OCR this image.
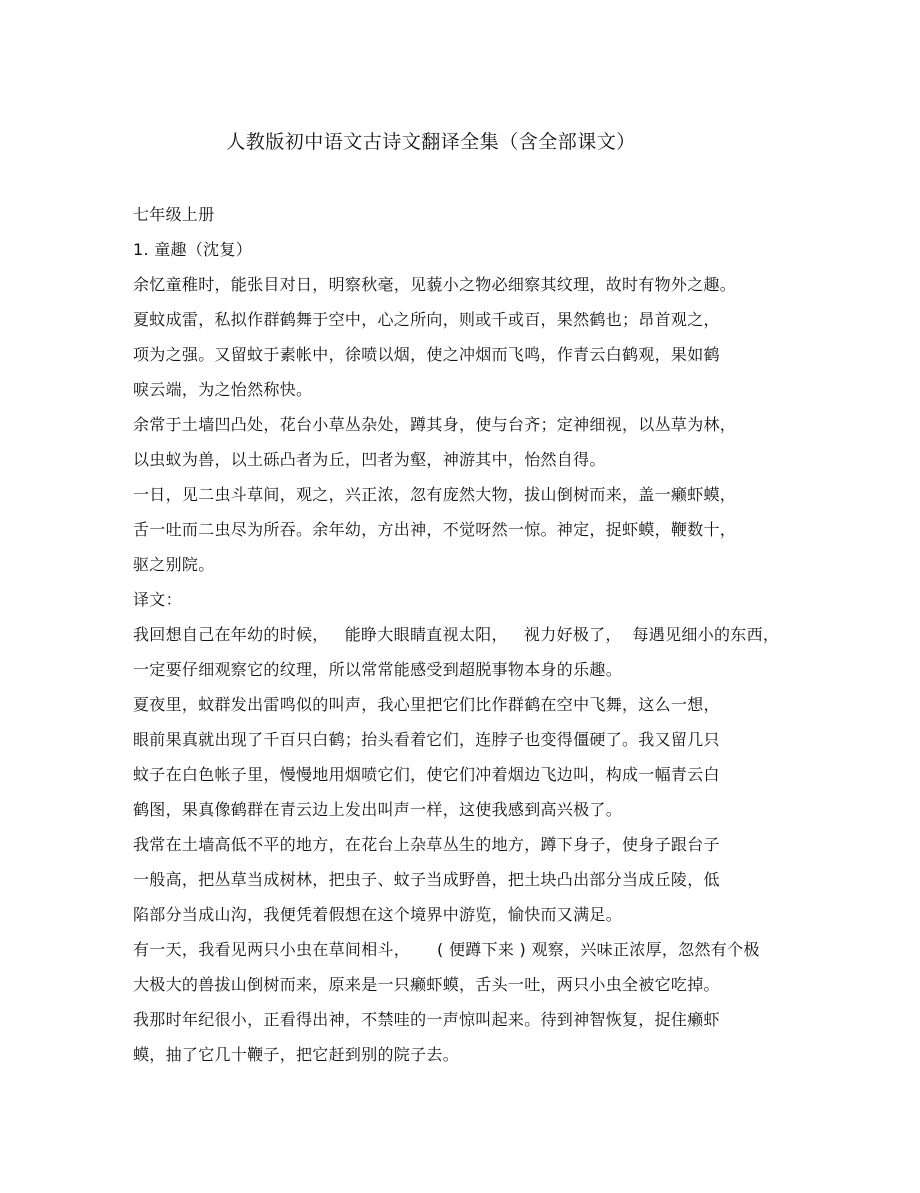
人教版初中语文古诗文翻译全集（含全部课文）
七年级上册
1. 童趣（沈复）
余忆童稚时，能张目对日，明察秋毫，见藐小之物必细察其纹理，故时有物外之趣。
夏蚊成雷，私拟作群鹤舞于空中，心之所向，则或千或百，果然鹤也；昂首观之，
项为之强。又留蚊于素帐中，徐喷以烟，使之冲烟而飞鸣，作青云白鹤观，果如鹤
唳云端，为之怡然称快。
余常于土墙凹凸处，花台小草丛杂处，蹲其身，使与台齐；定神细视，以丛草为林，
以虫蚁为兽，以土砾凸者为丘，凹者为壑，神游其中，怡然自得。
一日，见二虫斗草间，观之，兴正浓，忽有庞然大物，拔山倒树而来，盖一癞虾蟆，
舌一吐而二虫尽为所吞。余年幼，方出神，不觉呀然一惊。神定，捉虾蟆，鞭数十，
驱之别院。
译文：
我回想自己在年幼的时候，   能睁大眼睛直视太阳，   视力好极了，  每遇见细小的东西，
一定要仔细观察它的纹理，所以常常能感受到超脱事物本身的乐趣。
夏夜里，蚊群发出雷鸣似的叫声，我心里把它们比作群鹤在空中飞舞，这么一想，
眼前果真就出现了千百只白鹤；抬头看着它们，连脖子也变得僵硬了。我又留几只
蚊子在白色帐子里，慢慢地用烟喷它们，使它们冲着烟边飞边叫，构成一幅青云白
鹤图，果真像鹤群在青云边上发出叫声一样，这使我感到高兴极了。
我常在土墙高低不平的地方，在花台上杂草丛生的地方，蹲下身子，使身子跟台子
一般高，把丛草当成树林，把虫子、蚊子当成野兽，把土块凸出部分当成丘陵，低
陷部分当成山沟，我便凭着假想在这个境界中游览，愉快而又满足。
有一天，我看见两只小虫在草间相斗，     ( 便蹲下来 ) 观察，兴味正浓厚，忽然有个极
大极大的兽拔山倒树而来，原来是一只癞虾蟆，舌头一吐，两只小虫全被它吃掉。
我那时年纪很小，正看得出神，不禁哇的一声惊叫起来。待到神智恢复，捉住癞虾
蟆，抽了它几十鞭子，把它赶到别的院子去。
